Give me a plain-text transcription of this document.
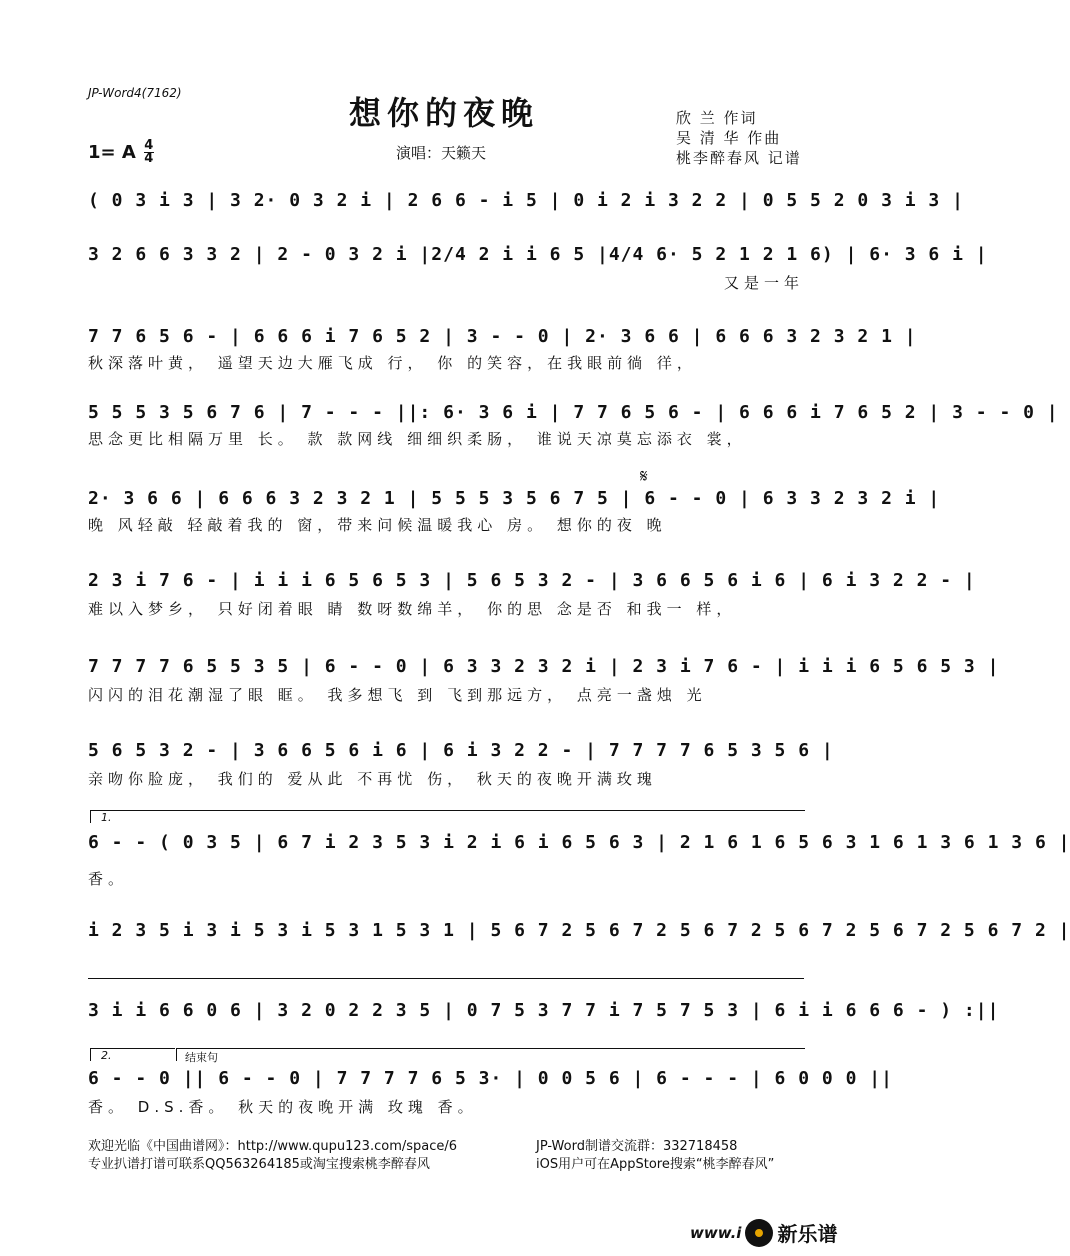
JP-Word4(7162)
想你的夜晚
1= A 4
4	演唱：天籁天
欣 兰 作词
吴 清 华 作曲
桃李醉春风 记谱
( 0 3 i 3 | 3 2· 0 3 2 i | 2 6 6 - i 5 | 0 i 2 i 3 2 2 | 0 5 5 2 0 3 i 3 |
3 2 6 6 3 3 2 | 2 - 0 3 2 i |2/4 2 i i 6 5 |4/4 6· 5 2 1 2 1 6) | 6· 3 6 i |
又是一年
7 7 6 5 6 - | 6 6 6 i 7 6 5 2 | 3 - - 0 | 2· 3 6 6 | 6 6 6 3 2 3 2 1 |
秋深落叶黄， 遥望天边大雁飞成 行， 你 的笑容，在我眼前徜 徉，
5 5 5 3 5 6 7 6 | 7 - - - ||: 6· 3 6 i | 7 7 6 5 6 - | 6 6 6 i 7 6 5 2 | 3 - - 0 |
思念更比相隔万里 长。 款 款网线 细细织柔肠， 谁说天凉莫忘添衣 裳，
𝄋
2· 3 6 6 | 6 6 6 3 2 3 2 1 | 5 5 5 3 5 6 7 5 | 6 - - 0 | 6 3 3 2 3 2 i |
晚 风轻敲 轻敲着我的 窗，带来问候温暖我心 房。 想你的夜 晚
2 3 i 7 6 - | i i i 6 5 6 5 3 | 5 6 5 3 2 - | 3 6 6 5 6 i 6 | 6 i 3 2 2 - |
难以入梦乡， 只好闭着眼 睛 数呀数绵羊， 你的思 念是否 和我一 样，
7 7 7 7 6 5 5 3 5 | 6 - - 0 | 6 3 3 2 3 2 i | 2 3 i 7 6 - | i i i 6 5 6 5 3 |
闪闪的泪花潮湿了眼 眶。 我多想飞 到 飞到那远方， 点亮一盏烛 光
5 6 5 3 2 - | 3 6 6 5 6 i 6 | 6 i 3 2 2 - | 7 7 7 7 6 5 3 5 6 |
亲吻你脸庞， 我们的 爱从此 不再忧 伤， 秋天的夜晚开满玫瑰
1.
6 - - ( 0 3 5 | 6 7 i 2 3 5 3 i 2 i 6 i 6 5 6 3 | 2 1 6 1 6 5 6 3 1 6 1 3 6 1 3 6 |
香。
i 2 3 5 i 3 i 5 3 i 5 3 1 5 3 1 | 5 6 7 2 5 6 7 2 5 6 7 2 5 6 7 2 5 6 7 2 5 6 7 2 |
3 i i 6 6 0 6 | 3 2 0 2 2 3 5 | 0 7 5 3 7 7 i 7 5 7 5 3 | 6 i i 6 6 6 - ) :||
2.	结束句
6 - - 0 || 6 - - 0 | 7 7 7 7 6 5 3· | 0 0 5 6 | 6 - - - | 6 0 0 0 ||
香。 D.S.香。 秋天的夜晚开满 玫瑰 香。
欢迎光临《中国曲谱网》：http://www.qupu123.com/space/6
专业扒谱打谱可联系QQ563264185或淘宝搜索桃李醉春风
JP-Word制谱交流群：332718458
iOS用户可在AppStore搜索“桃李醉春风”
www.i 新乐谱
